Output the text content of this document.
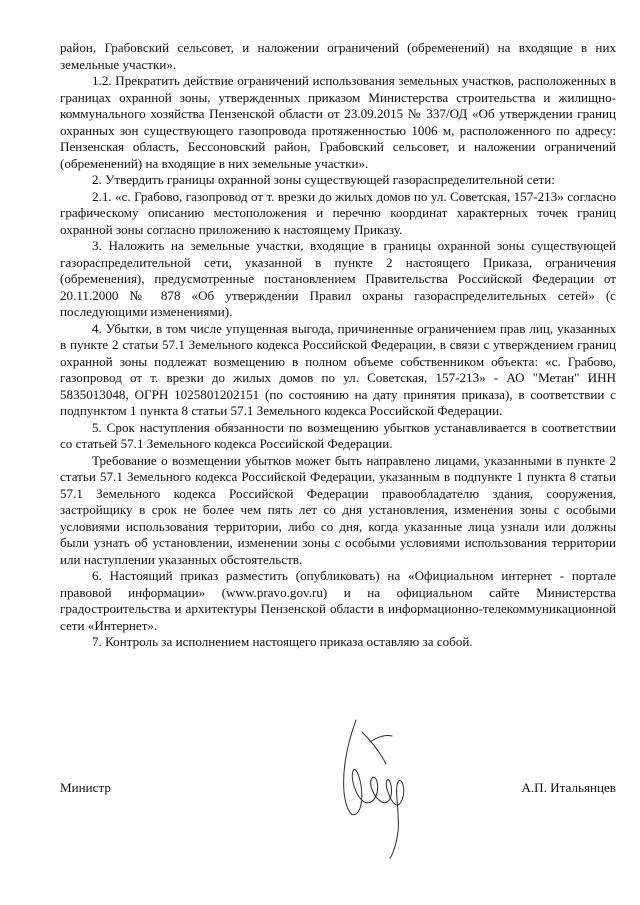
район, Грабовский сельсовет, и наложении ограничений (обременений) на входящие в них земельные участки».

1.2. Прекратить действие ограничений использования земельных участков, расположенных в границах охранной зоны, утвержденных приказом Министерства строительства и жилищно-коммунального хозяйства Пензенской области от 23.09.2015 № 337/ОД «Об утверждении границ охранных зон существующего газопровода протяженностью 1006 м, расположенного по адресу: Пензенская область, Бессоновский район, Грабовский сельсовет, и наложении ограничений (обременений) на входящие в них земельные участки».

2. Утвердить границы охранной зоны существующей газораспределительной сети:

2.1. «с. Грабово, газопровод от т. врезки до жилых домов по ул. Советская, 157-213» согласно графическому описанию местоположения и перечню координат характерных точек границ охранной зоны согласно приложению к настоящему Приказу.

3. Наложить на земельные участки, входящие в границы охранной зоны существующей газораспределительной сети, указанной в пункте 2 настоящего Приказа, ограничения (обременения), предусмотренные постановлением Правительства Российской Федерации от 20.11.2000 № 878 «Об утверждении Правил охраны газораспределительных сетей» (с последующими изменениями).

4. Убытки, в том числе упущенная выгода, причиненные ограничением прав лиц, указанных в пункте 2 статьи 57.1 Земельного кодекса Российской Федерации, в связи с утверждением границ охранной зоны подлежат возмещению в полном объеме собственником объекта: «с. Грабово, газопровод от т. врезки до жилых домов по ул. Советская, 157-213» - АО "Метан" ИНН 5835013048, ОГРН 1025801202151 (по состоянию на дату принятия приказа), в соответствии с подпунктом 1 пункта 8 статьи 57.1 Земельного кодекса Российской Федерации.

5. Срок наступления обязанности по возмещению убытков устанавливается в соответствии со статьей 57.1 Земельного кодекса Российской Федерации.

Требование о возмещении убытков может быть направлено лицами, указанными в пункте 2 статьи 57.1 Земельного кодекса Российской Федерации, указанным в подпункте 1 пункта 8 статьи 57.1 Земельного кодекса Российской Федерации правообладателю здания, сооружения, застройщику в срок не более чем пять лет со дня установления, изменения зоны с особыми условиями использования территории, либо со дня, когда указанные лица узнали или должны были узнать об установлении, изменении зоны с особыми условиями использования территории или наступлении указанных обстоятельств.

6. Настоящий приказ разместить (опубликовать) на «Официальном интернет - портале правовой информации» (www.pravo.gov.ru) и на официальном сайте Министерства градостроительства и архитектуры Пензенской области в информационно-телекоммуникационной сети «Интернет».

7. Контроль за исполнением настоящего приказа оставляю за собой.

Министр	А.П. Итальянцев
